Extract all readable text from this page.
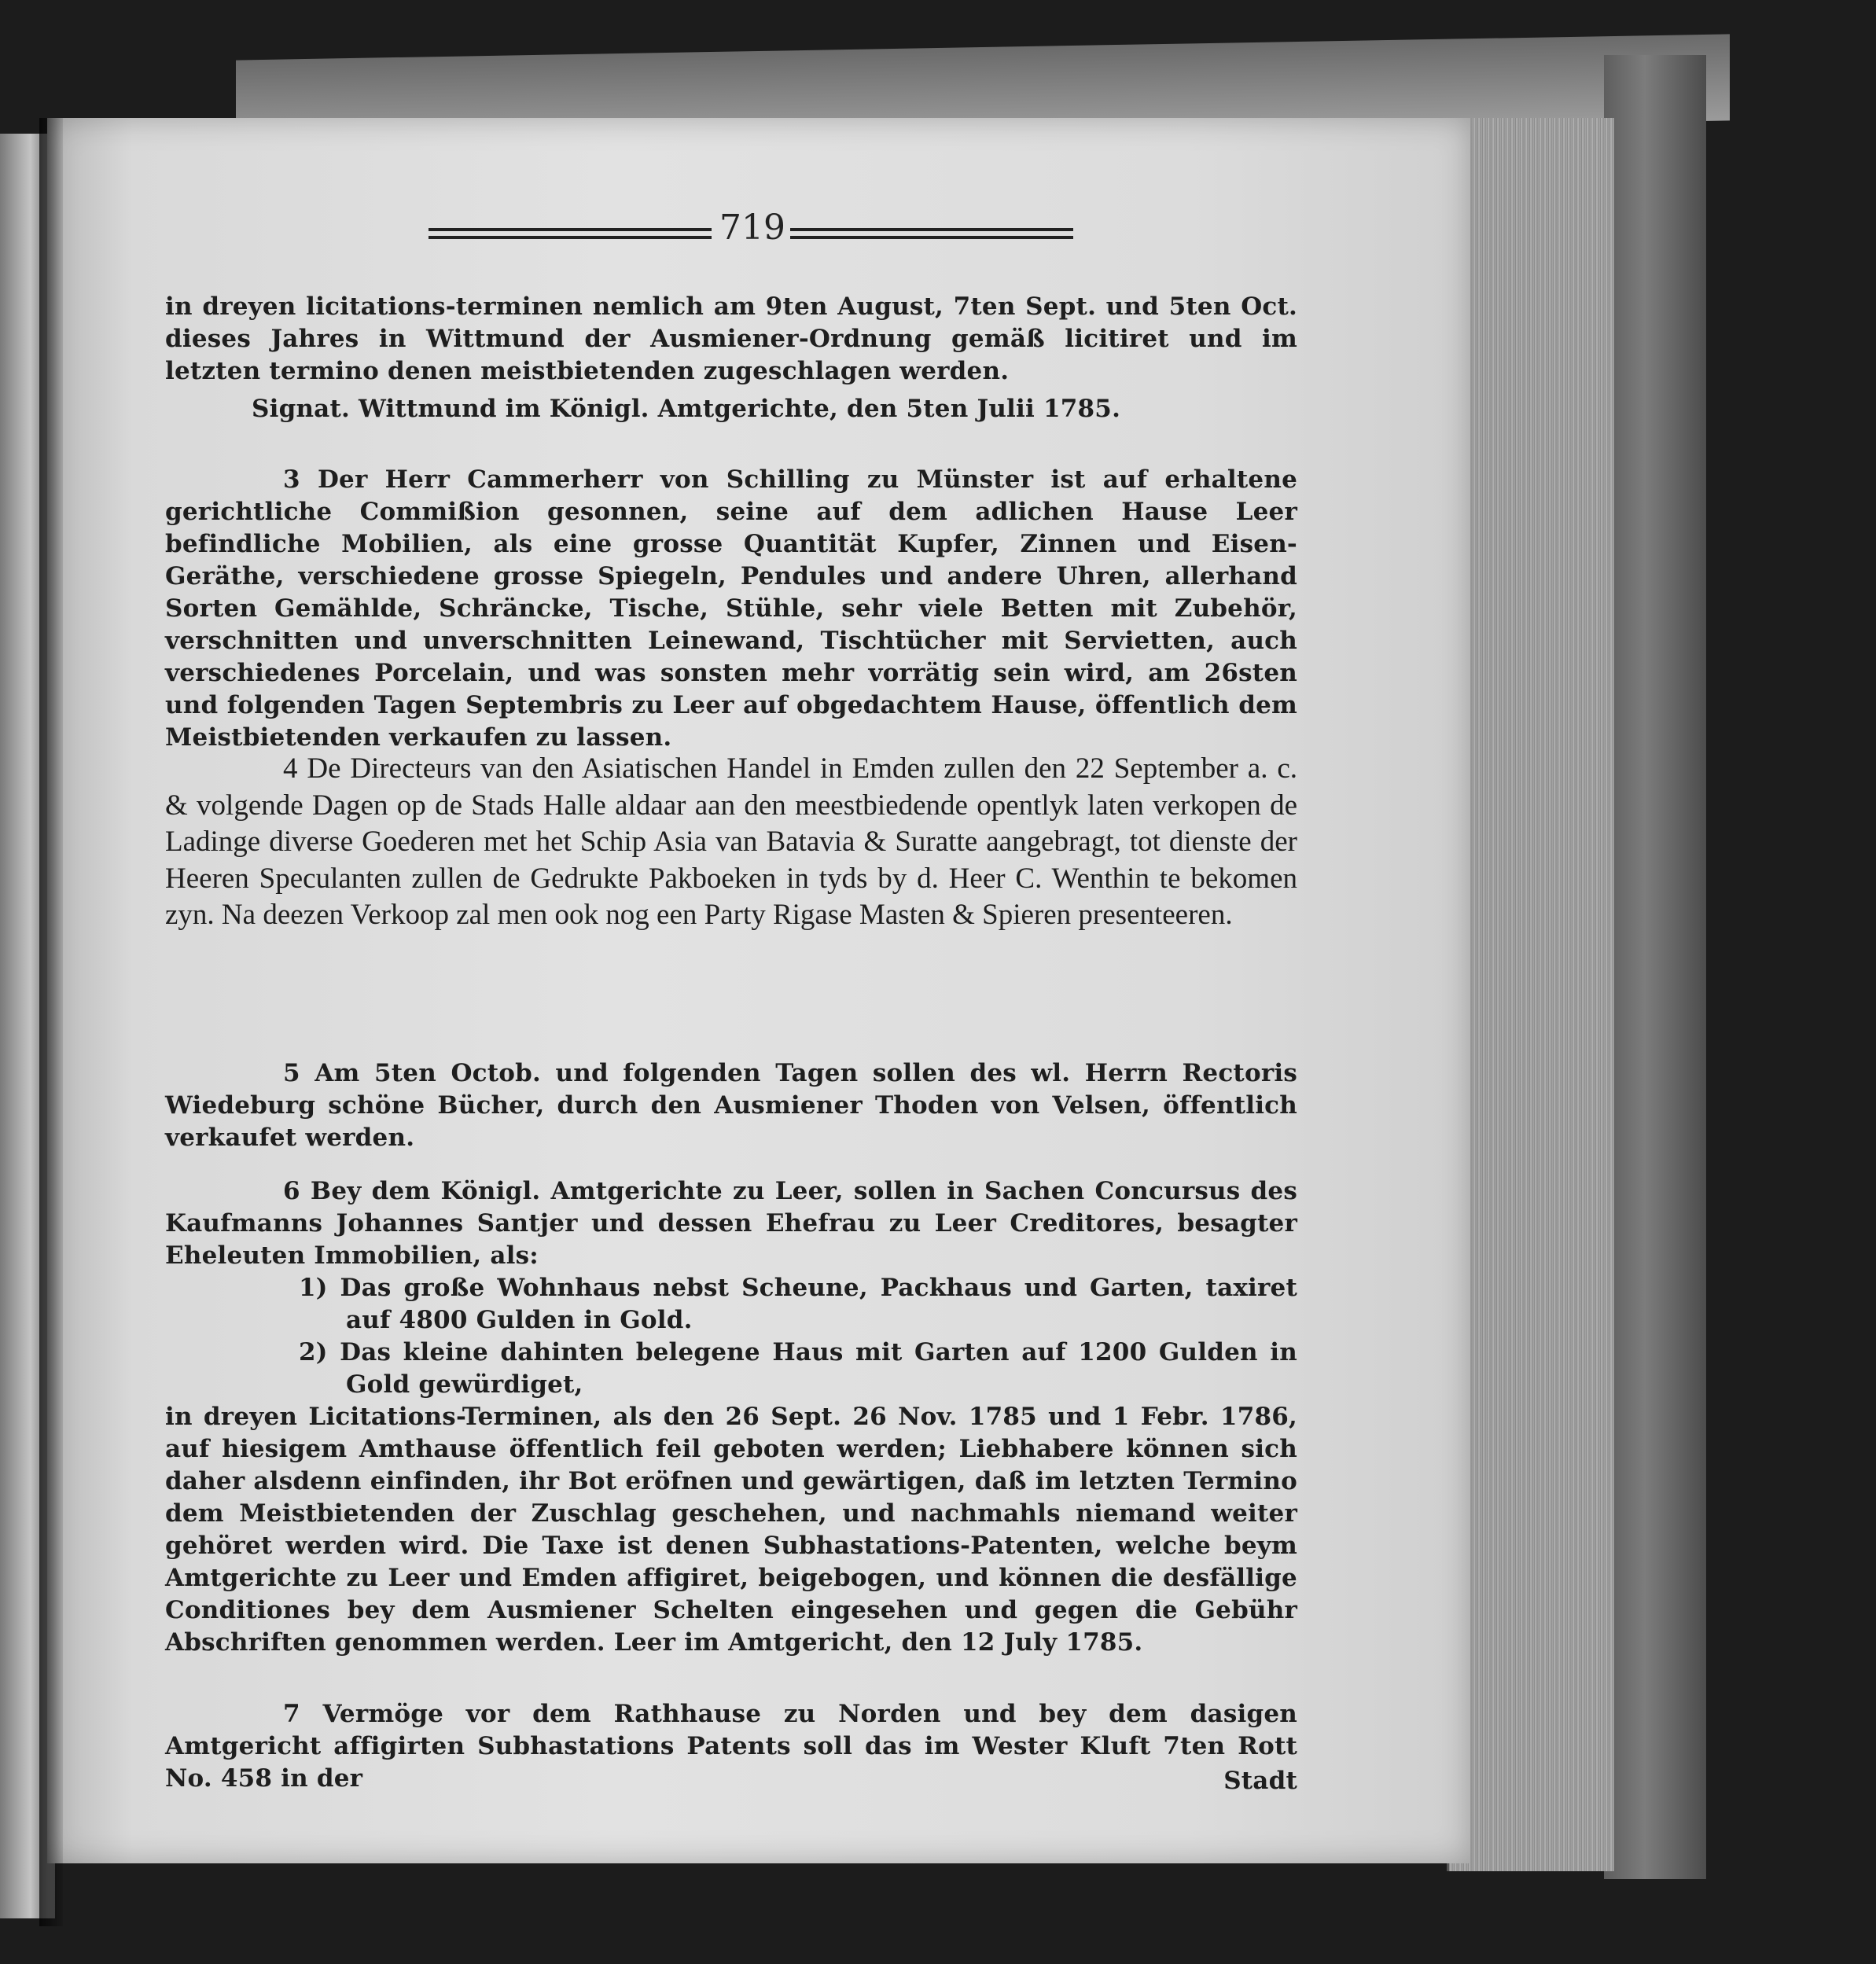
719

in dreyen licitations-terminen nemlich am 9ten August, 7ten Sept. und 5ten Oct. dieses Jahres in Wittmund der Ausmiener-Ordnung gemäß licitiret und im letzten termino denen meistbietenden zugeschlagen werden.

Signat. Wittmund im Königl. Amtgerichte, den 5ten Julii 1785.

3 Der Herr Cammerherr von Schilling zu Münster ist auf erhaltene gerichtliche Commißion gesonnen, seine auf dem adlichen Hause Leer befindliche Mobilien, als eine grosse Quantität Kupfer, Zinnen und Eisen-Geräthe, verschiedene grosse Spiegeln, Pendules und andere Uhren, allerhand Sorten Gemählde, Schräncke, Tische, Stühle, sehr viele Betten mit Zubehör, verschnitten und unverschnitten Leinewand, Tischtücher mit Servietten, auch verschiedenes Porcelain, und was sonsten mehr vorrätig sein wird, am 26sten und folgenden Tagen Septembris zu Leer auf obgedachtem Hause, öffentlich dem Meistbietenden verkaufen zu lassen.
4 De Directeurs van den Asiatischen Handel in Emden zullen den 22 September a. c. & volgende Dagen op de Stads Halle aldaar aan den meestbiedende opentlyk laten verkopen de Ladinge diverse Goederen met het Schip Asia van Batavia & Suratte aangebragt, tot dienste der Heeren Speculanten zullen de Gedrukte Pakboeken in tyds by d. Heer C. Wenthin te bekomen zyn. Na deezen Verkoop zal men ook nog een Party Rigase Masten & Spieren presenteeren.
5 Am 5ten Octob. und folgenden Tagen sollen des wl. Herrn Rectoris Wiedeburg schöne Bücher, durch den Ausmiener Thoden von Velsen, öffentlich verkaufet werden.

6 Bey dem Königl. Amtgerichte zu Leer, sollen in Sachen Concursus des Kaufmanns Johannes Santjer und dessen Ehefrau zu Leer Creditores, besagter Eheleuten Immobilien, als:

1) Das große Wohnhaus nebst Scheune, Packhaus und Garten, taxiret auf 4800 Gulden in Gold.

2) Das kleine dahinten belegene Haus mit Garten auf 1200 Gulden in Gold gewürdiget,

in dreyen Licitations-Terminen, als den 26 Sept. 26 Nov. 1785 und 1 Febr. 1786, auf hiesigem Amthause öffentlich feil geboten werden; Liebhabere können sich daher alsdenn einfinden, ihr Bot eröfnen und gewärtigen, daß im letzten Termino dem Meistbietenden der Zuschlag geschehen, und nachmahls niemand weiter gehöret werden wird. Die Taxe ist denen Subhastations-Patenten, welche beym Amtgerichte zu Leer und Emden affigiret, beigebogen, und können die desfällige Conditiones bey dem Ausmiener Schelten eingesehen und gegen die Gebühr Abschriften genommen werden. Leer im Amtgericht, den 12 July 1785.

7 Vermöge vor dem Rathhause zu Norden und bey dem dasigen Amtgericht affigirten Subhastations Patents soll das im Wester Kluft 7ten Rott No. 458 in der	Stadt
